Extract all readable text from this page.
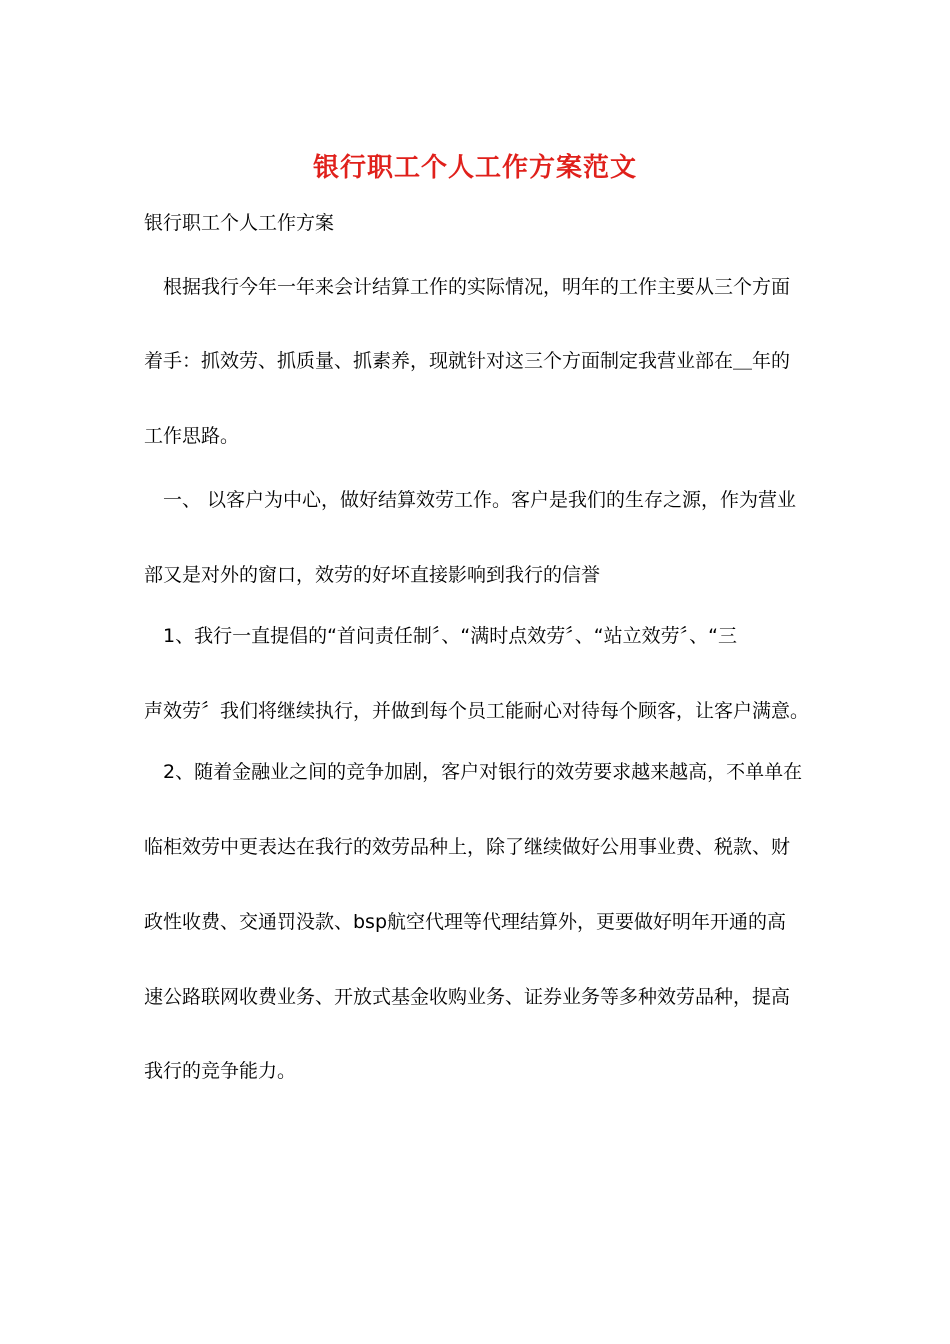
银行职工个人工作方案范文
银行职工个人工作方案
根据我行今年一年来会计结算工作的实际情况，明年的工作主要从三个方面
着手：抓效劳、抓质量、抓素养，现就针对这三个方面制定我营业部在＿年的
工作思路。
一、 以客户为中心，做好结算效劳工作。客户是我们的生存之源，作为营业
部又是对外的窗口，效劳的好坏直接影响到我行的信誉
1、我行一直提倡的“首问责任制〞、“满时点效劳〞、“站立效劳〞、“三
声效劳〞我们将继续执行，并做到每个员工能耐心对待每个顾客，让客户满意。
2、随着金融业之间的竞争加剧，客户对银行的效劳要求越来越高，不单单在
临柜效劳中更表达在我行的效劳品种上，除了继续做好公用事业费、税款、财
政性收费、交通罚没款、bsp航空代理等代理结算外，更要做好明年开通的高
速公路联网收费业务、开放式基金收购业务、证券业务等多种效劳品种，提高
我行的竞争能力。
